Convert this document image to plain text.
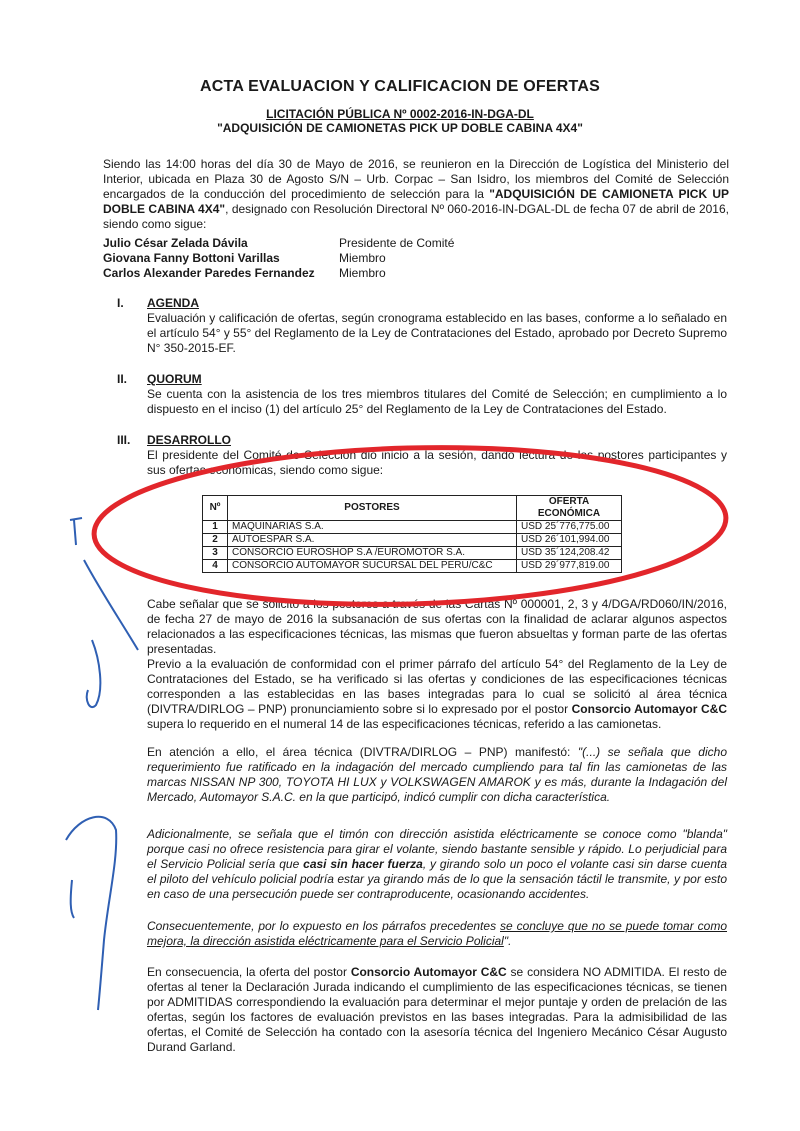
ACTA EVALUACION Y CALIFICACION DE OFERTAS
LICITACIÓN PÚBLICA Nº 0002-2016-IN-DGA-DL
"ADQUISICIÓN DE CAMIONETAS PICK UP DOBLE CABINA 4X4"
Siendo las 14:00 horas del día 30 de Mayo de 2016, se reunieron en la Dirección de Logística del Ministerio del Interior, ubicada en Plaza 30 de Agosto S/N – Urb. Corpac – San Isidro, los miembros del Comité de Selección encargados de la conducción del procedimiento de selección para la "ADQUISICIÓN DE CAMIONETA PICK UP DOBLE CABINA 4X4", designado con Resolución Directoral Nº 060-2016-IN-DGAL-DL de fecha 07 de abril de 2016, siendo como sigue:
Julio César Zelada Dávila	Presidente de Comité
Giovana Fanny Bottoni Varillas	Miembro
Carlos Alexander Paredes Fernandez	Miembro
I. AGENDA
Evaluación y calificación de ofertas, según cronograma establecido en las bases, conforme a lo señalado en el artículo 54° y 55° del Reglamento de la Ley de Contrataciones del Estado, aprobado por Decreto Supremo N° 350-2015-EF.
II. QUORUM
Se cuenta con la asistencia de los tres miembros titulares del Comité de Selección; en cumplimiento a lo dispuesto en el inciso (1) del artículo 25° del Reglamento de la Ley de Contrataciones del Estado.
III. DESARROLLO
El presidente del Comité de Selección dió inicio a la sesión, dando lectura de los postores participantes y sus ofertas económicas, siendo como sigue:
Nº	POSTORES	OFERTA ECONÓMICA
1	MAQUINARIAS S.A.	USD 25´776,775.00
2	AUTOESPAR S.A.	USD 26´101,994.00
3	CONSORCIO EUROSHOP S.A /EUROMOTOR S.A.	USD 35´124,208.42
4	CONSORCIO AUTOMAYOR SUCURSAL DEL PERU/C&C	USD 29´977,819.00
Cabe señalar que se solicitó a los postores a través de las Cartas Nº 000001, 2, 3 y 4/DGA/RD060/IN/2016, de fecha 27 de mayo de 2016 la subsanación de sus ofertas con la finalidad de aclarar algunos aspectos relacionados a las especificaciones técnicas, las mismas que fueron absueltas y forman parte de las ofertas presentadas.
Previo a la evaluación de conformidad con el primer párrafo del artículo 54° del Reglamento de la Ley de Contrataciones del Estado, se ha verificado si las ofertas y condiciones de las especificaciones técnicas corresponden a las establecidas en las bases integradas para lo cual se solicitó al área técnica (DIVTRA/DIRLOG – PNP) pronunciamiento sobre si lo expresado por el postor Consorcio Automayor C&C supera lo requerido en el numeral 14 de las especificaciones técnicas, referido a las camionetas.
En atención a ello, el área técnica (DIVTRA/DIRLOG – PNP) manifestó: "(...) se señala que dicho requerimiento fue ratificado en la indagación del mercado cumpliendo para tal fin las camionetas de las marcas NISSAN NP 300, TOYOTA HI LUX y VOLKSWAGEN AMAROK y es más, durante la Indagación del Mercado, Automayor S.A.C. en la que participó, indicó cumplir con dicha característica.
Adicionalmente, se señala que el timón con dirección asistida eléctricamente se conoce como "blanda" porque casi no ofrece resistencia para girar el volante, siendo bastante sensible y rápido. Lo perjudicial para el Servicio Policial sería que casi sin hacer fuerza, y girando solo un poco el volante casi sin darse cuenta el piloto del vehículo policial podría estar ya girando más de lo que la sensación táctil le transmite, y por esto en caso de una persecución puede ser contraproducente, ocasionando accidentes.
Consecuentemente, por lo expuesto en los párrafos precedentes se concluye que no se puede tomar como mejora, la dirección asistida eléctricamente para el Servicio Policial".
En consecuencia, la oferta del postor Consorcio Automayor C&C se considera NO ADMITIDA. El resto de ofertas al tener la Declaración Jurada indicando el cumplimiento de las especificaciones técnicas, se tienen por ADMITIDAS correspondiendo la evaluación para determinar el mejor puntaje y orden de prelación de las ofertas, según los factores de evaluación previstos en las bases integradas. Para la admisibilidad de las ofertas, el Comité de Selección ha contado con la asesoría técnica del Ingeniero Mecánico César Augusto Durand Garland.
